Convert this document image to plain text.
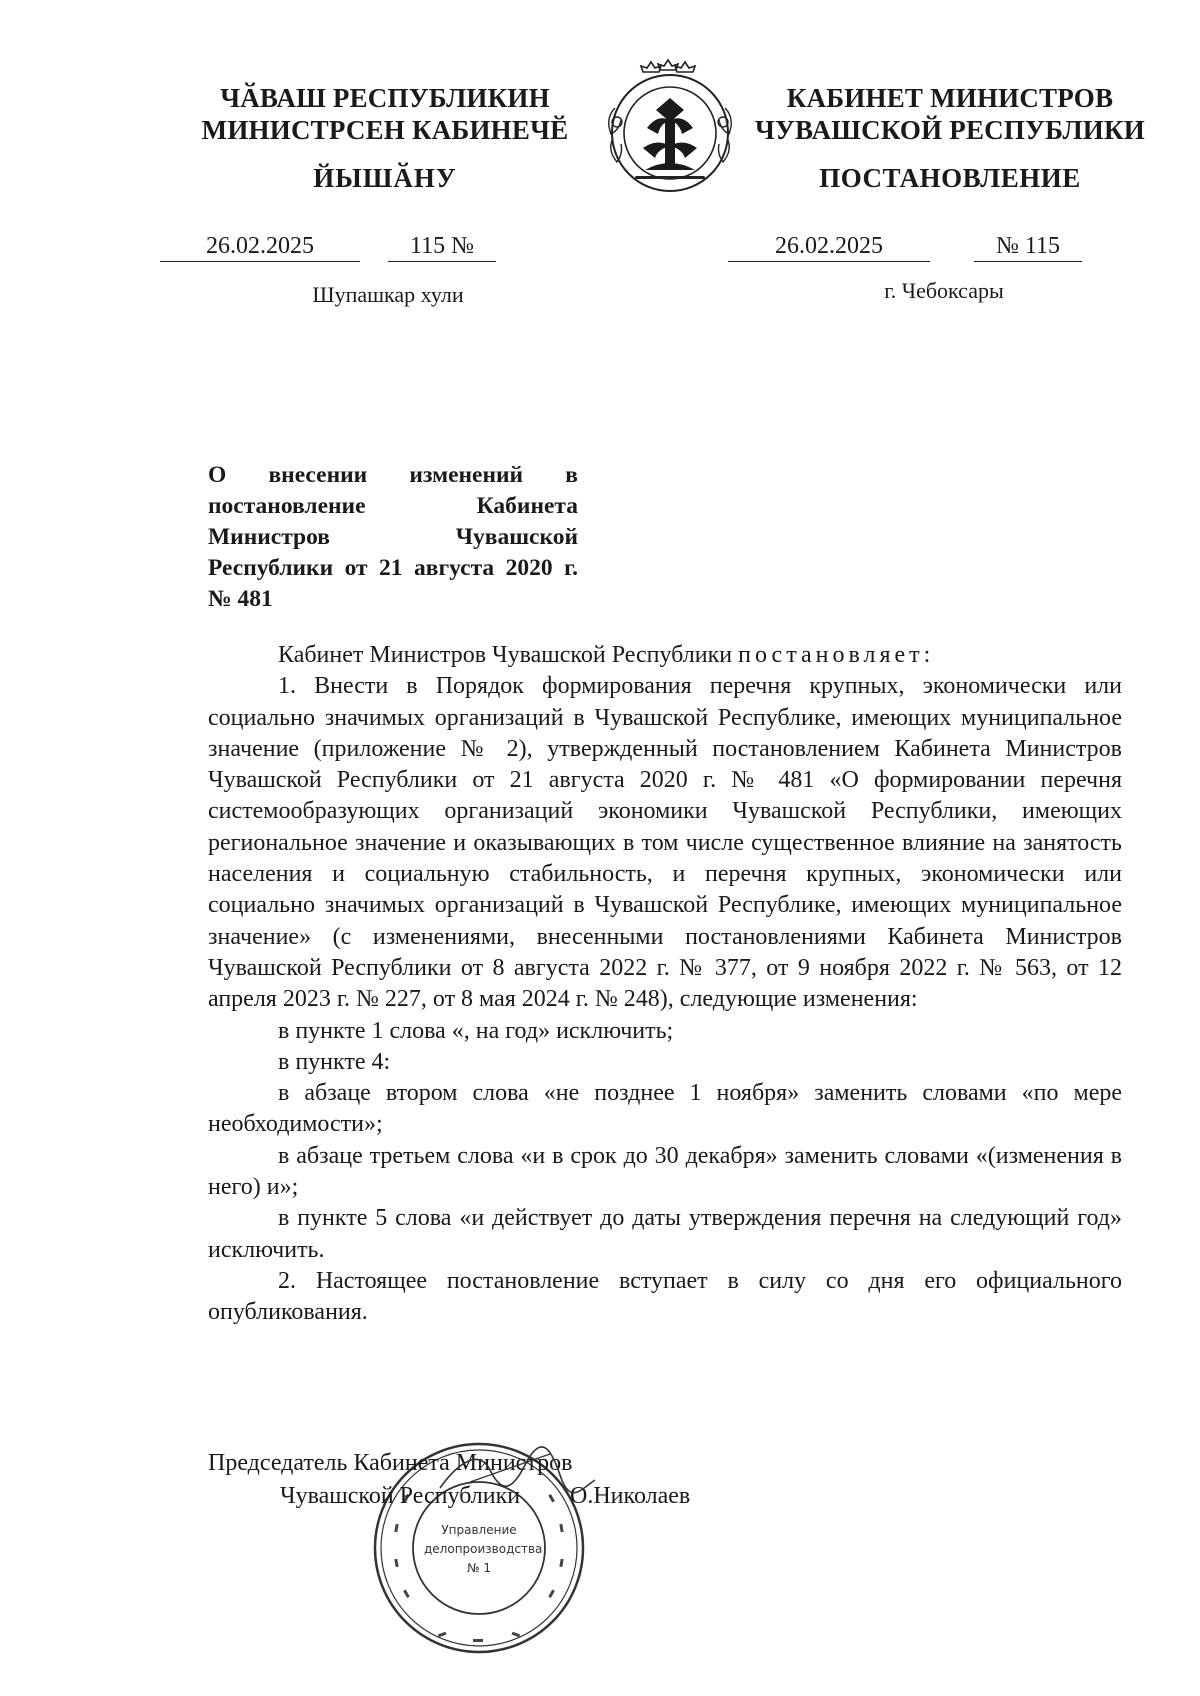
ЧӐВАШ РЕСПУБЛИКИН
МИНИСТРСЕН КАБИНЕЧӖ
ЙЫШӐНУ
КАБИНЕТ МИНИСТРОВ
ЧУВАШСКОЙ РЕСПУБЛИКИ
ПОСТАНОВЛЕНИЕ
26.02.2025	115 №	26.02.2025	№ 115
Шупашкар хули	г. Чебоксары
О внесении изменений в постановление Кабинета Министров Чувашской Республики от 21 августа 2020 г. № 481

Кабинет Министров Чувашской Республики постановляет:

1. Внести в Порядок формирования перечня крупных, экономически или социально значимых организаций в Чувашской Республике, имеющих муниципальное значение (приложение № 2), утвержденный постановлением Кабинета Министров Чувашской Республики от 21 августа 2020 г. № 481 «О формировании перечня системообразующих организаций экономики Чувашской Республики, имеющих региональное значение и оказывающих в том числе существенное влияние на занятость населения и социальную стабильность, и перечня крупных, экономически или социально значимых организаций в Чувашской Республике, имеющих муниципальное значение» (с изменениями, внесенными постановлениями Кабинета Министров Чувашской Республики от 8 августа 2022 г. № 377, от 9 ноября 2022 г. № 563, от 12 апреля 2023 г. № 227, от 8 мая 2024 г. № 248), следующие изменения:

в пункте 1 слова «, на год» исключить;

в пункте 4:

в абзаце втором слова «не позднее 1 ноября» заменить словами «по мере необходимости»;

в абзаце третьем слова «и в срок до 30 декабря» заменить словами «(изменения в него) и»;

в пункте 5 слова «и действует до даты утверждения перечня на следующий год» исключить.

2. Настоящее постановление вступает в силу со дня его официального опубликования.

Управление
делопроизводства
№ 1
Председатель Кабинета Министров
Чувашской Республики О.Николаев
